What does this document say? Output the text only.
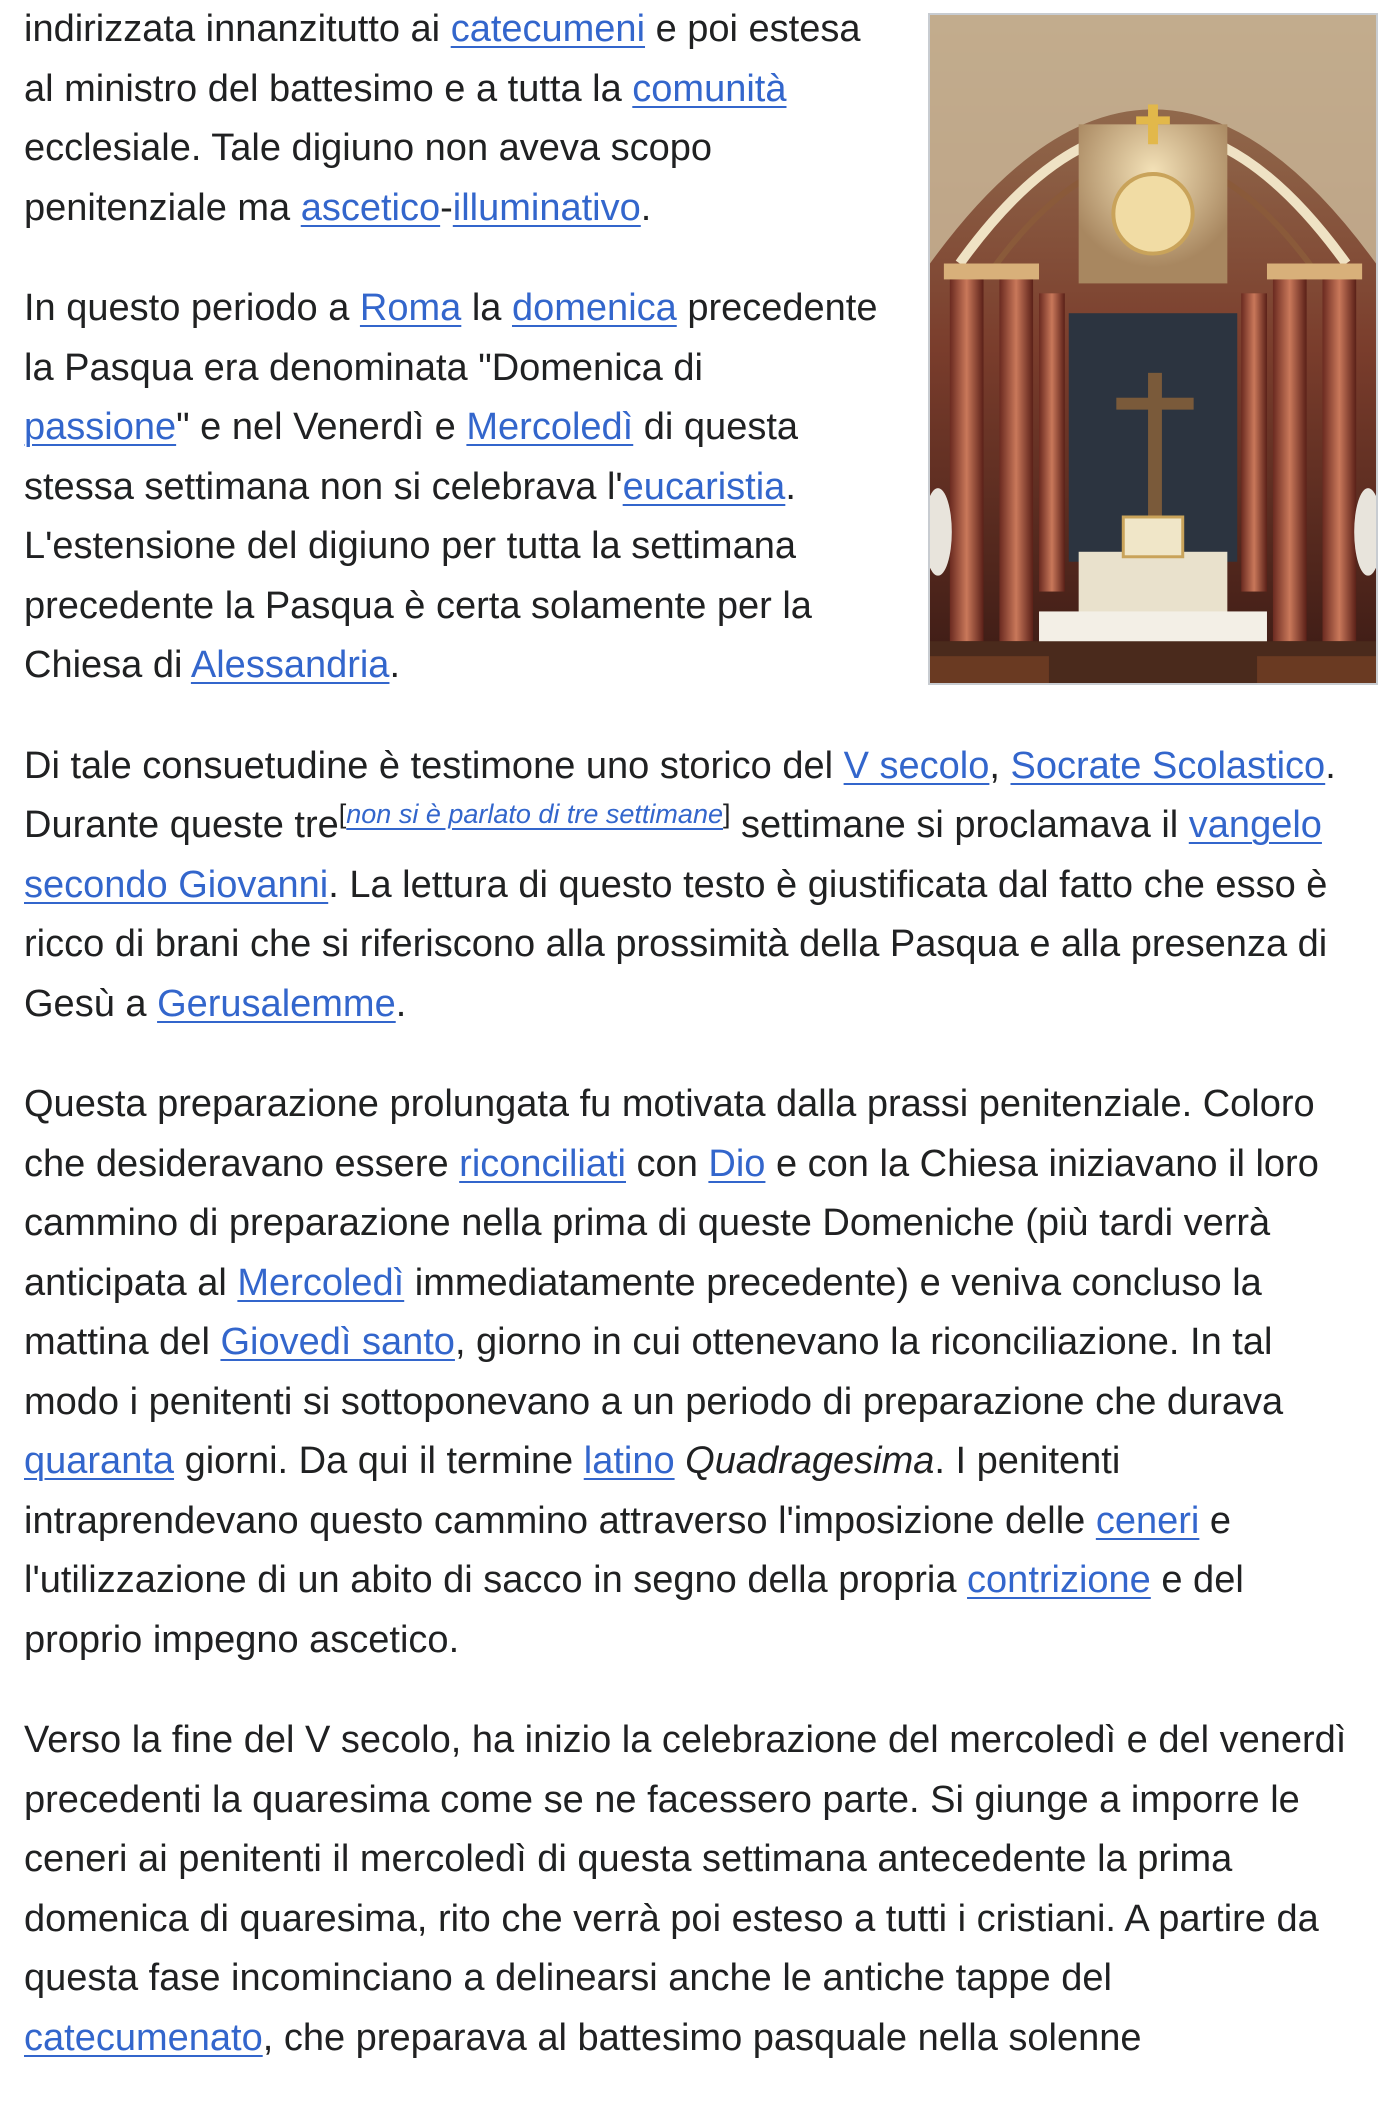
indirizzata innanzitutto ai catecumeni e poi estesa al ministro del battesimo e a tutta la comunità ecclesiale. Tale digiuno non aveva scopo penitenziale ma ascetico-illuminativo.

In questo periodo a Roma la domenica precedente la Pasqua era denominata "Domenica di passione" e nel Venerdì e Mercoledì di questa stessa settimana non si celebrava l'eucaristia. L'estensione del digiuno per tutta la settimana precedente la Pasqua è certa solamente per la Chiesa di Alessandria.

Di tale consuetudine è testimone uno storico del V secolo, Socrate Scolastico. Durante queste tre[non si è parlato di tre settimane] settimane si proclamava il vangelo secondo Giovanni. La lettura di questo testo è giustificata dal fatto che esso è ricco di brani che si riferiscono alla prossimità della Pasqua e alla presenza di Gesù a Gerusalemme.

Questa preparazione prolungata fu motivata dalla prassi penitenziale. Coloro che desideravano essere riconciliati con Dio e con la Chiesa iniziavano il loro cammino di preparazione nella prima di queste Domeniche (più tardi verrà anticipata al Mercoledì immediatamente precedente) e veniva concluso la mattina del Giovedì santo, giorno in cui ottenevano la riconciliazione. In tal modo i penitenti si sottoponevano a un periodo di preparazione che durava quaranta giorni. Da qui il termine latino Quadragesima. I penitenti intraprendevano questo cammino attraverso l'imposizione delle ceneri e l'utilizzazione di un abito di sacco in segno della propria contrizione e del proprio impegno ascetico.

Verso la fine del V secolo, ha inizio la celebrazione del mercoledì e del venerdì precedenti la quaresima come se ne facessero parte. Si giunge a imporre le ceneri ai penitenti il mercoledì di questa settimana antecedente la prima domenica di quaresima, rito che verrà poi esteso a tutti i cristiani. A partire da questa fase incominciano a delinearsi anche le antiche tappe del catecumenato, che preparava al battesimo pasquale nella solenne
